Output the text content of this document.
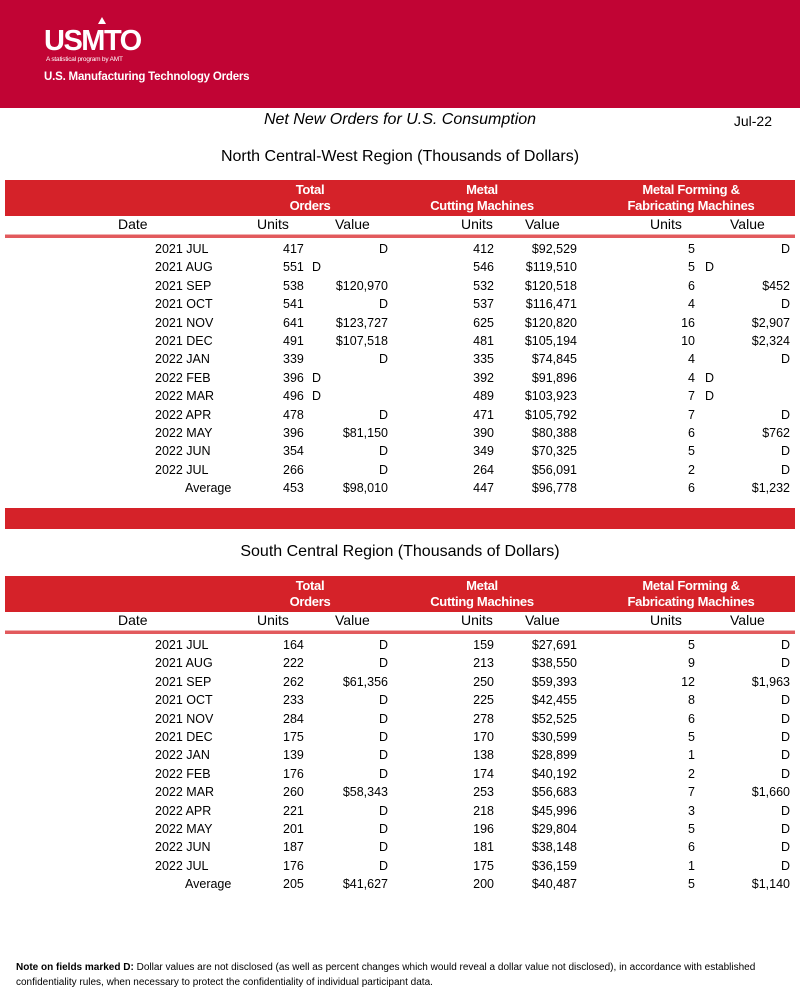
USMTO
A statistical program by AMT
U.S. Manufacturing Technology Orders
Net New Orders for U.S. Consumption	Jul-22
North Central-West Region (Thousands of Dollars)
Total
Orders
Metal
Cutting Machines
Metal Forming &
Fabricating Machines
Date	Units	Value	Units Value	Units	Value
2021 JUL	417	D	412	$92,529	5	D
2021 AUG	551 D	546	$119,510	5 D
2021 SEP	538	$120,970	532 $120,518	6	$452
2021 OCT	541	D	537	$116,471	4	D
2021 NOV	641	$123,727	625 $120,820	16	$2,907
2021 DEC	491	$107,518	481 $105,194	10	$2,324
2022 JAN	339	D	335	$74,845	4	D
2022 FEB	396 D	392	$91,896	4 D
2022 MAR	496 D	489 $103,923	7 D
2022 APR	478	D	471 $105,792	7	D
2022 MAY	396	$81,150	390	$80,388	6	$762
2022 JUN	354	D	349	$70,325	5	D
2022 JUL	266	D	264	$56,091	2	D
Average	453	$98,010	447	$96,778	6	$1,232
South Central Region (Thousands of Dollars)
Total
Orders
Metal
Cutting Machines
Metal Forming &
Fabricating Machines
Date	Units	Value	Units Value	Units	Value
2021 JUL	164	D	159	$27,691	5	D
2021 AUG	222	D	213	$38,550	9	D
2021 SEP	262	$61,356	250	$59,393	12	$1,963
2021 OCT	233	D	225	$42,455	8	D
2021 NOV	284	D	278	$52,525	6	D
2021 DEC	175	D	170	$30,599	5	D
2022 JAN	139	D	138	$28,899	1	D
2022 FEB	176	D	174	$40,192	2	D
2022 MAR	260	$58,343	253	$56,683	7	$1,660
2022 APR	221	D	218	$45,996	3	D
2022 MAY	201	D	196	$29,804	5	D
2022 JUN	187	D	181	$38,148	6	D
2022 JUL	176	D	175	$36,159	1	D
Average	205	$41,627	200	$40,487	5	$1,140
Note on fields marked D: Dollar values are not disclosed (as well as percent changes which would reveal a dollar value not disclosed), in accordance with established confidentiality rules, when necessary to protect the confidentiality of individual participant data.
